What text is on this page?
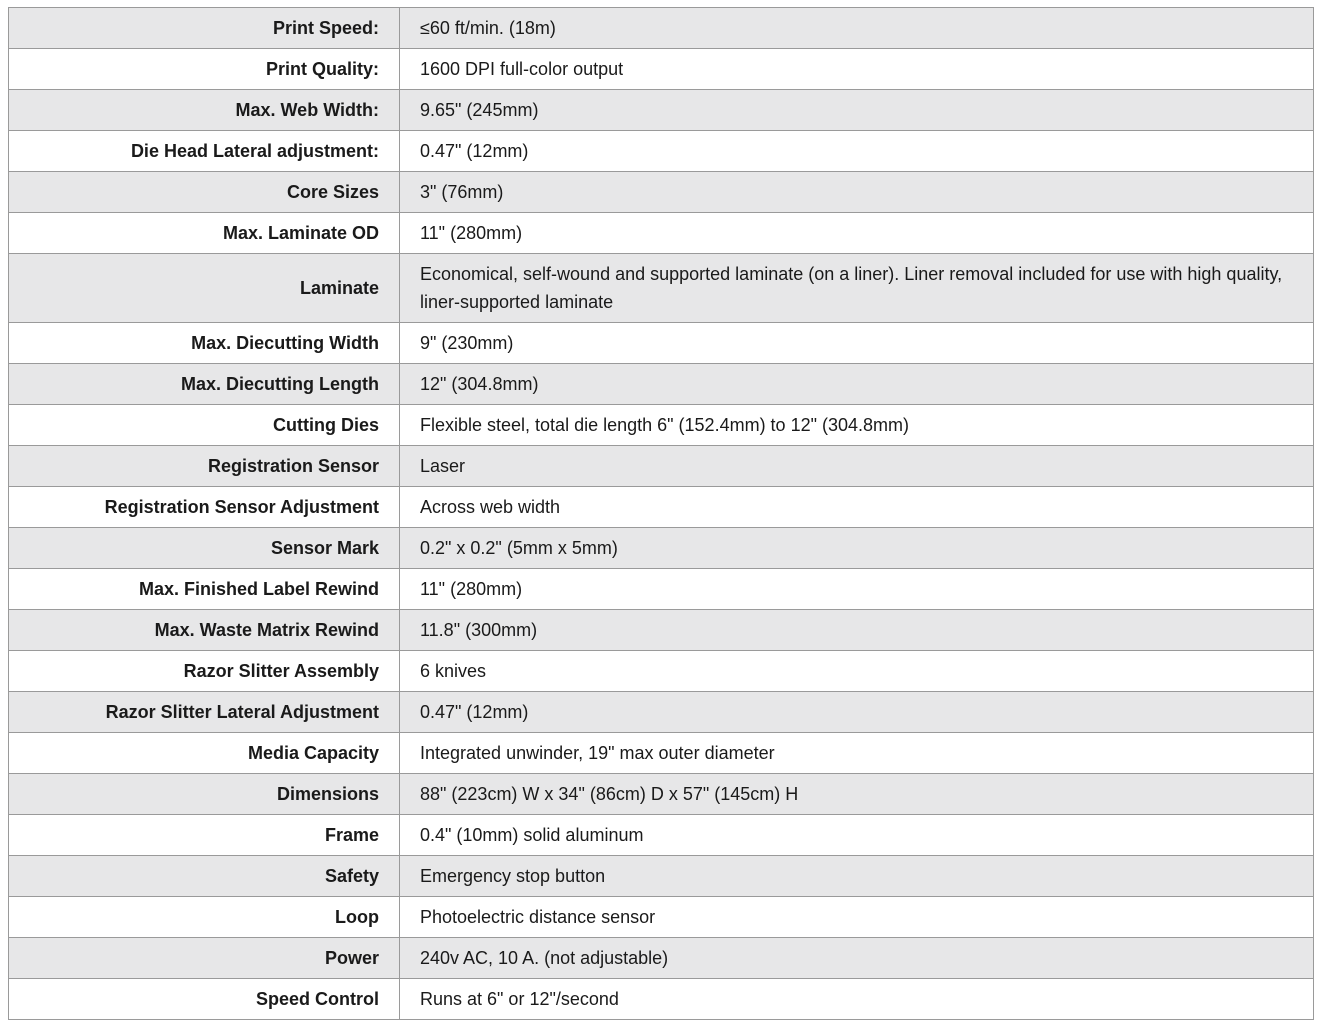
Print Speed:	≤60 ft/min. (18m)
Print Quality:	1600 DPI full-color output
Max. Web Width:	9.65" (245mm)
Die Head Lateral adjustment:	0.47" (12mm)
Core Sizes	3" (76mm)
Max. Laminate OD	11" (280mm)
Laminate	Economical, self-wound and supported laminate (on a liner). Liner removal included for use with high quality, liner-supported laminate
Max. Diecutting Width	9" (230mm)
Max. Diecutting Length	12" (304.8mm)
Cutting Dies	Flexible steel, total die length 6" (152.4mm) to 12" (304.8mm)
Registration Sensor	Laser
Registration Sensor Adjustment	Across web width
Sensor Mark	0.2" x 0.2" (5mm x 5mm)
Max. Finished Label Rewind	11" (280mm)
Max. Waste Matrix Rewind	11.8" (300mm)
Razor Slitter Assembly	6 knives
Razor Slitter Lateral Adjustment	0.47" (12mm)
Media Capacity	Integrated unwinder, 19" max outer diameter
Dimensions	88" (223cm) W x 34" (86cm) D x 57" (145cm) H
Frame	0.4" (10mm) solid aluminum
Safety	Emergency stop button
Loop	Photoelectric distance sensor
Power	240v AC, 10 A. (not adjustable)
Speed Control	Runs at 6" or 12"/second
